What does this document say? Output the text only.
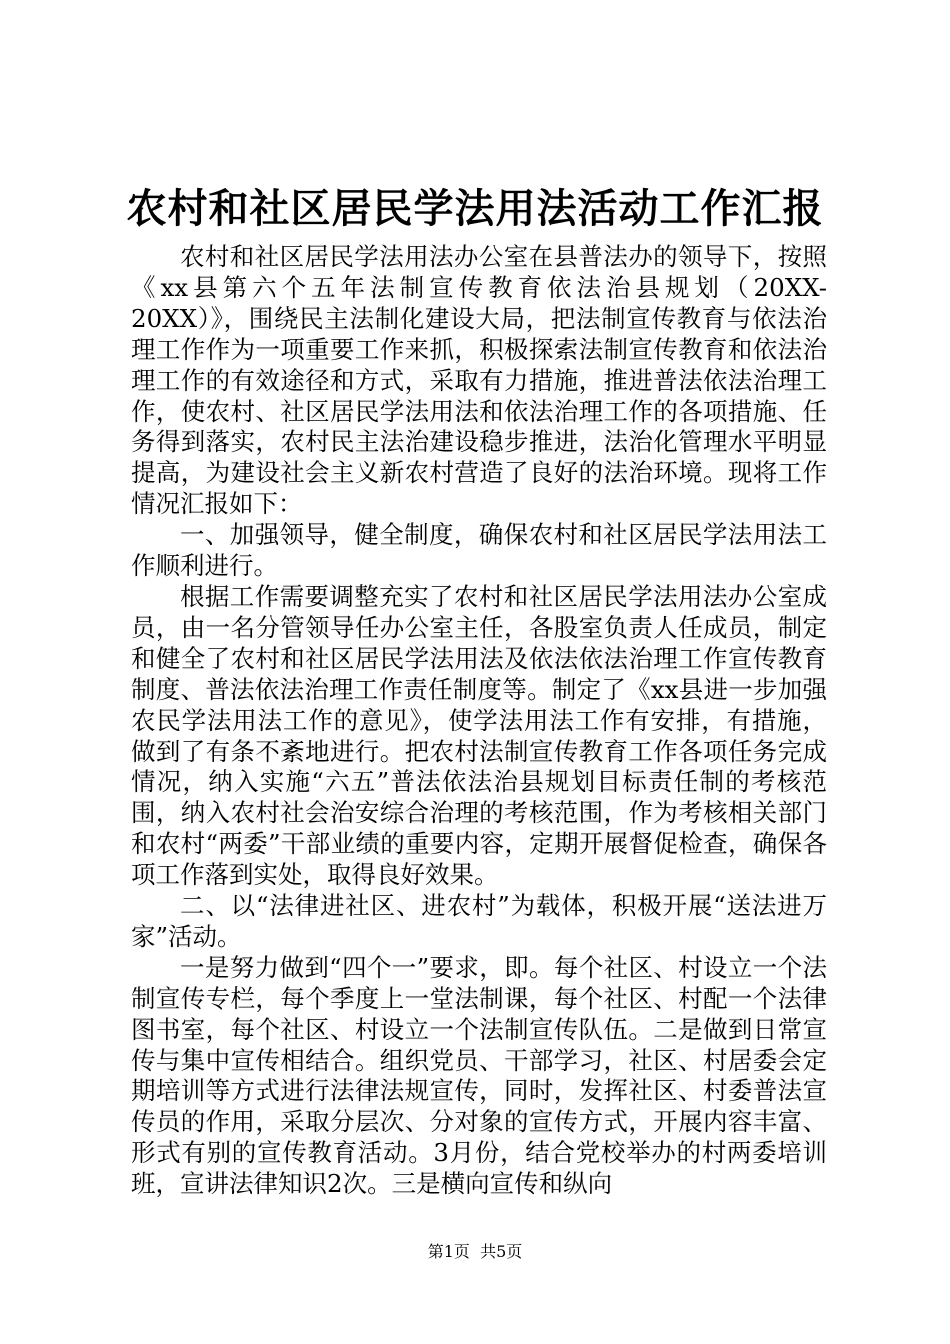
农村和社区居民学法用法活动工作汇报

农村和社区居民学法用法办公室在县普法办的领导下，按照《xx县第六个五年法制宣传教育依法治县规划（20XX-20XX）》，围绕民主法制化建设大局，把法制宣传教育与依法治理工作作为一项重要工作来抓，积极探索法制宣传教育和依法治理工作的有效途径和方式，采取有力措施，推进普法依法治理工作，使农村、社区居民学法用法和依法治理工作的各项措施、任务得到落实，农村民主法治建设稳步推进，法治化管理水平明显提高，为建设社会主义新农村营造了良好的法治环境。现将工作情况汇报如下：

一、加强领导，健全制度，确保农村和社区居民学法用法工作顺利进行。

根据工作需要调整充实了农村和社区居民学法用法办公室成员，由一名分管领导任办公室主任，各股室负责人任成员，制定和健全了农村和社区居民学法用法及依法依法治理工作宣传教育制度、普法依法治理工作责任制度等。制定了《xx县进一步加强农民学法用法工作的意见》，使学法用法工作有安排，有措施，做到了有条不紊地进行。把农村法制宣传教育工作各项任务完成情况，纳入实施“六五”普法依法治县规划目标责任制的考核范围，纳入农村社会治安综合治理的考核范围，作为考核相关部门和农村“两委”干部业绩的重要内容，定期开展督促检查，确保各项工作落到实处，取得良好效果。

二、以“法律进社区、进农村”为载体，积极开展“送法进万家”活动。

一是努力做到“四个一”要求，即。每个社区、村设立一个法制宣传专栏，每个季度上一堂法制课，每个社区、村配一个法律图书室，每个社区、村设立一个法制宣传队伍。二是做到日常宣传与集中宣传相结合。组织党员、干部学习，社区、村居委会定期培训等方式进行法律法规宣传，同时，发挥社区、村委普法宣传员的作用，采取分层次、分对象的宣传方式，开展内容丰富、形式有别的宣传教育活动。3月份，结合党校举办的村两委培训班，宣讲法律知识2次。三是横向宣传和纵向

第1页 共5页
